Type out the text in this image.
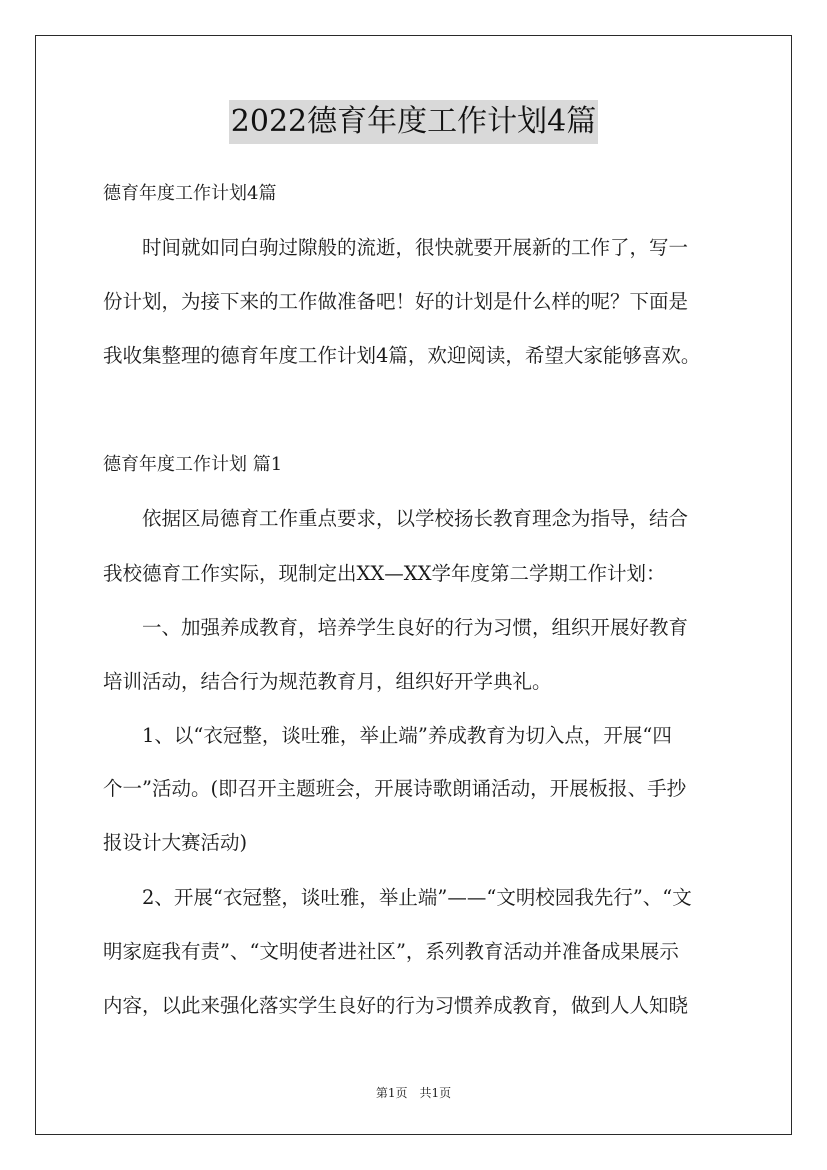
2022德育年度工作计划4篇
德育年度工作计划4篇
　　时间就如同白驹过隙般的流逝，很快就要开展新的工作了，写一
份计划，为接下来的工作做准备吧！好的计划是什么样的呢？下面是
我收集整理的德育年度工作计划4篇，欢迎阅读，希望大家能够喜欢。
德育年度工作计划 篇1
　　依据区局德育工作重点要求，以学校扬长教育理念为指导，结合
我校德育工作实际，现制定出XX—XX学年度第二学期工作计划：
　　一、加强养成教育，培养学生良好的行为习惯，组织开展好教育
培训活动，结合行为规范教育月，组织好开学典礼。
　　1、以“衣冠整，谈吐雅，举止端”养成教育为切入点，开展“四
个一”活动。(即召开主题班会，开展诗歌朗诵活动，开展板报、手抄
报设计大赛活动)
　　2、开展“衣冠整，谈吐雅，举止端”——“文明校园我先行”、“文
明家庭我有责”、“文明使者进社区”，系列教育活动并准备成果展示
内容，以此来强化落实学生良好的行为习惯养成教育，做到人人知晓
第1页　共1页
